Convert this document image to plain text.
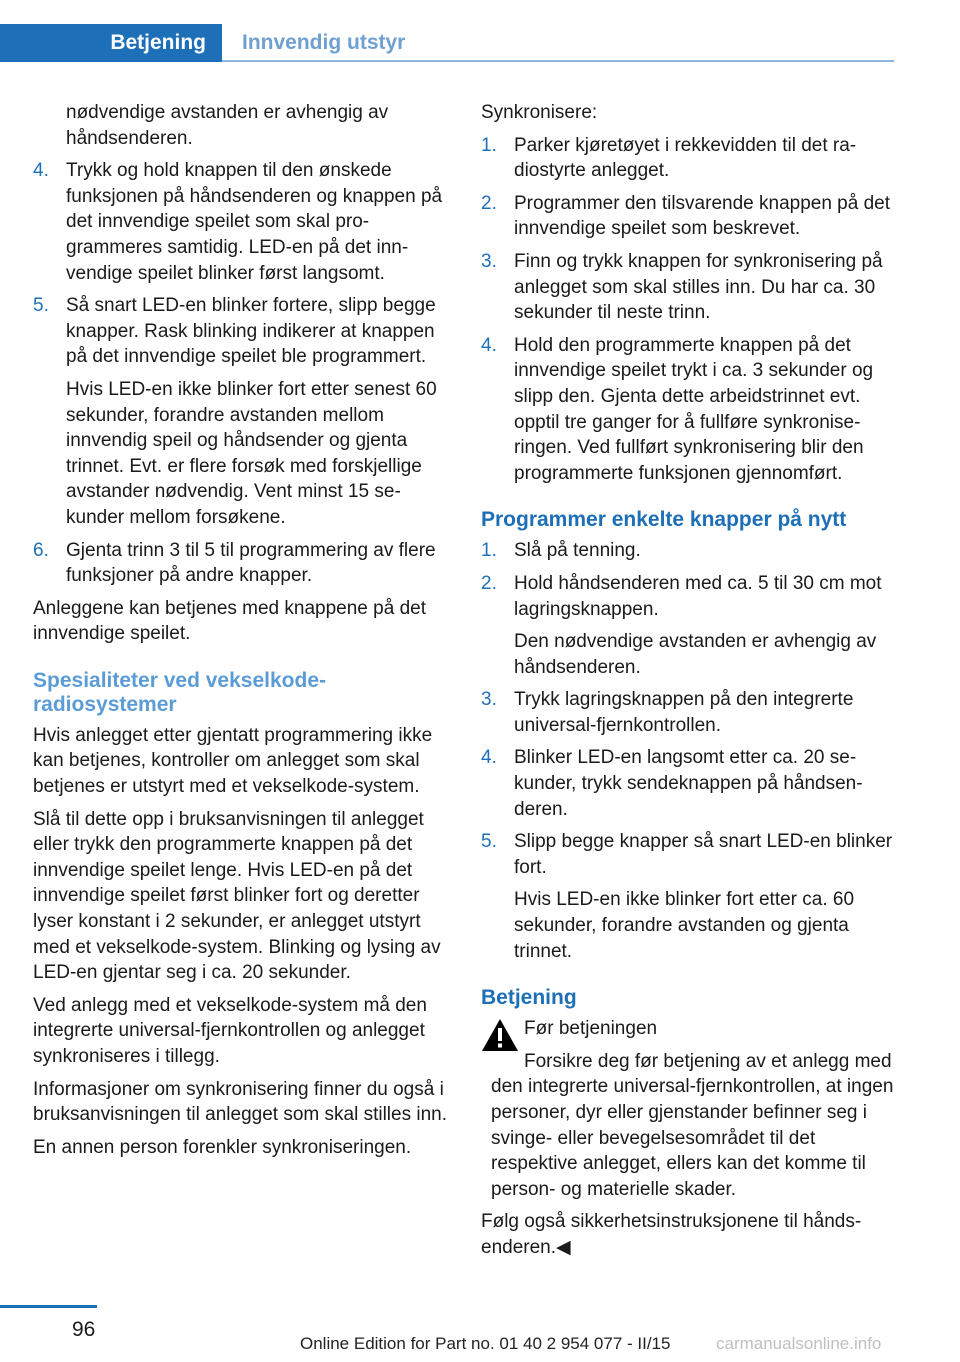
Betjening	Innvendig utstyr
nødvendige avstanden er avhengig av håndsenderen.
4. Trykk og hold knappen til den ønskede funksjonen på håndsenderen og knappen på det innvendige speilet som skal programmeres samtidig. LED-en på det innvendige speilet blinker først langsomt.
5. Så snart LED-en blinker fortere, slipp begge knapper. Rask blinking indikerer at knappen på det innvendige speilet ble programmert.
Hvis LED-en ikke blinker fort etter senest 60 sekunder, forandre avstanden mellom innvendig speil og håndsender og gjenta trinnet. Evt. er flere forsøk med forskjellige avstander nødvendig. Vent minst 15 sekunder mellom forsøkene.
6. Gjenta trinn 3 til 5 til programmering av flere funksjoner på andre knapper.
Anleggene kan betjenes med knappene på det innvendige speilet.
Spesialiteter ved vekselkoderadiosystemer
Hvis anlegget etter gjentatt programmering ikke kan betjenes, kontroller om anlegget som skal betjenes er utstyrt med et vekselkode-system.
Slå til dette opp i bruksanvisningen til anlegget eller trykk den programmerte knappen på det innvendige speilet lenge. Hvis LED-en på det innvendige speilet først blinker fort og deretter lyser konstant i 2 sekunder, er anlegget utstyrt med et vekselkode-system. Blinking og lysing av LED-en gjentar seg i ca. 20 sekunder.
Ved anlegg med et vekselkode-system må den integrerte universal-fjernkontrollen og anlegget synkroniseres i tillegg.
Informasjoner om synkronisering finner du også i bruksanvisningen til anlegget som skal stilles inn.
En annen person forenkler synkroniseringen.
Synkronisere:
1. Parker kjøretøyet i rekkevidden til det radiostyrte anlegget.
2. Programmer den tilsvarende knappen på det innvendige speilet som beskrevet.
3. Finn og trykk knappen for synkronisering på anlegget som skal stilles inn. Du har ca. 30 sekunder til neste trinn.
4. Hold den programmerte knappen på det innvendige speilet trykt i ca. 3 sekunder og slipp den. Gjenta dette arbeidstrinnet evt. opptil tre ganger for å fullføre synkroniseringen. Ved fullført synkronisering blir den programmerte funksjonen gjennomført.
Programmer enkelte knapper på nytt
1. Slå på tenning.
2. Hold håndsenderen med ca. 5 til 30 cm mot lagringsknappen.
Den nødvendige avstanden er avhengig av håndsenderen.
3. Trykk lagringsknappen på den integrerte universal-fjernkontrollen.
4. Blinker LED-en langsomt etter ca. 20 sekunder, trykk sendeknappen på håndsenderen.
5. Slipp begge knapper så snart LED-en blinker fort.
Hvis LED-en ikke blinker fort etter ca. 60 sekunder, forandre avstanden og gjenta trinnet.
Betjening
Før betjeningen
Forsikre deg før betjening av et anlegg med den integrerte universal-fjernkontrollen, at ingen personer, dyr eller gjenstander befinner seg i svinge- eller bevegelsesområdet til det respektive anlegget, ellers kan det komme til person- og materielle skader.
Følg også sikkerhetsinstruksjonene til håndsenderen.◀
96
Online Edition for Part no. 01 40 2 954 077 - II/15	carmanualsonline.info
